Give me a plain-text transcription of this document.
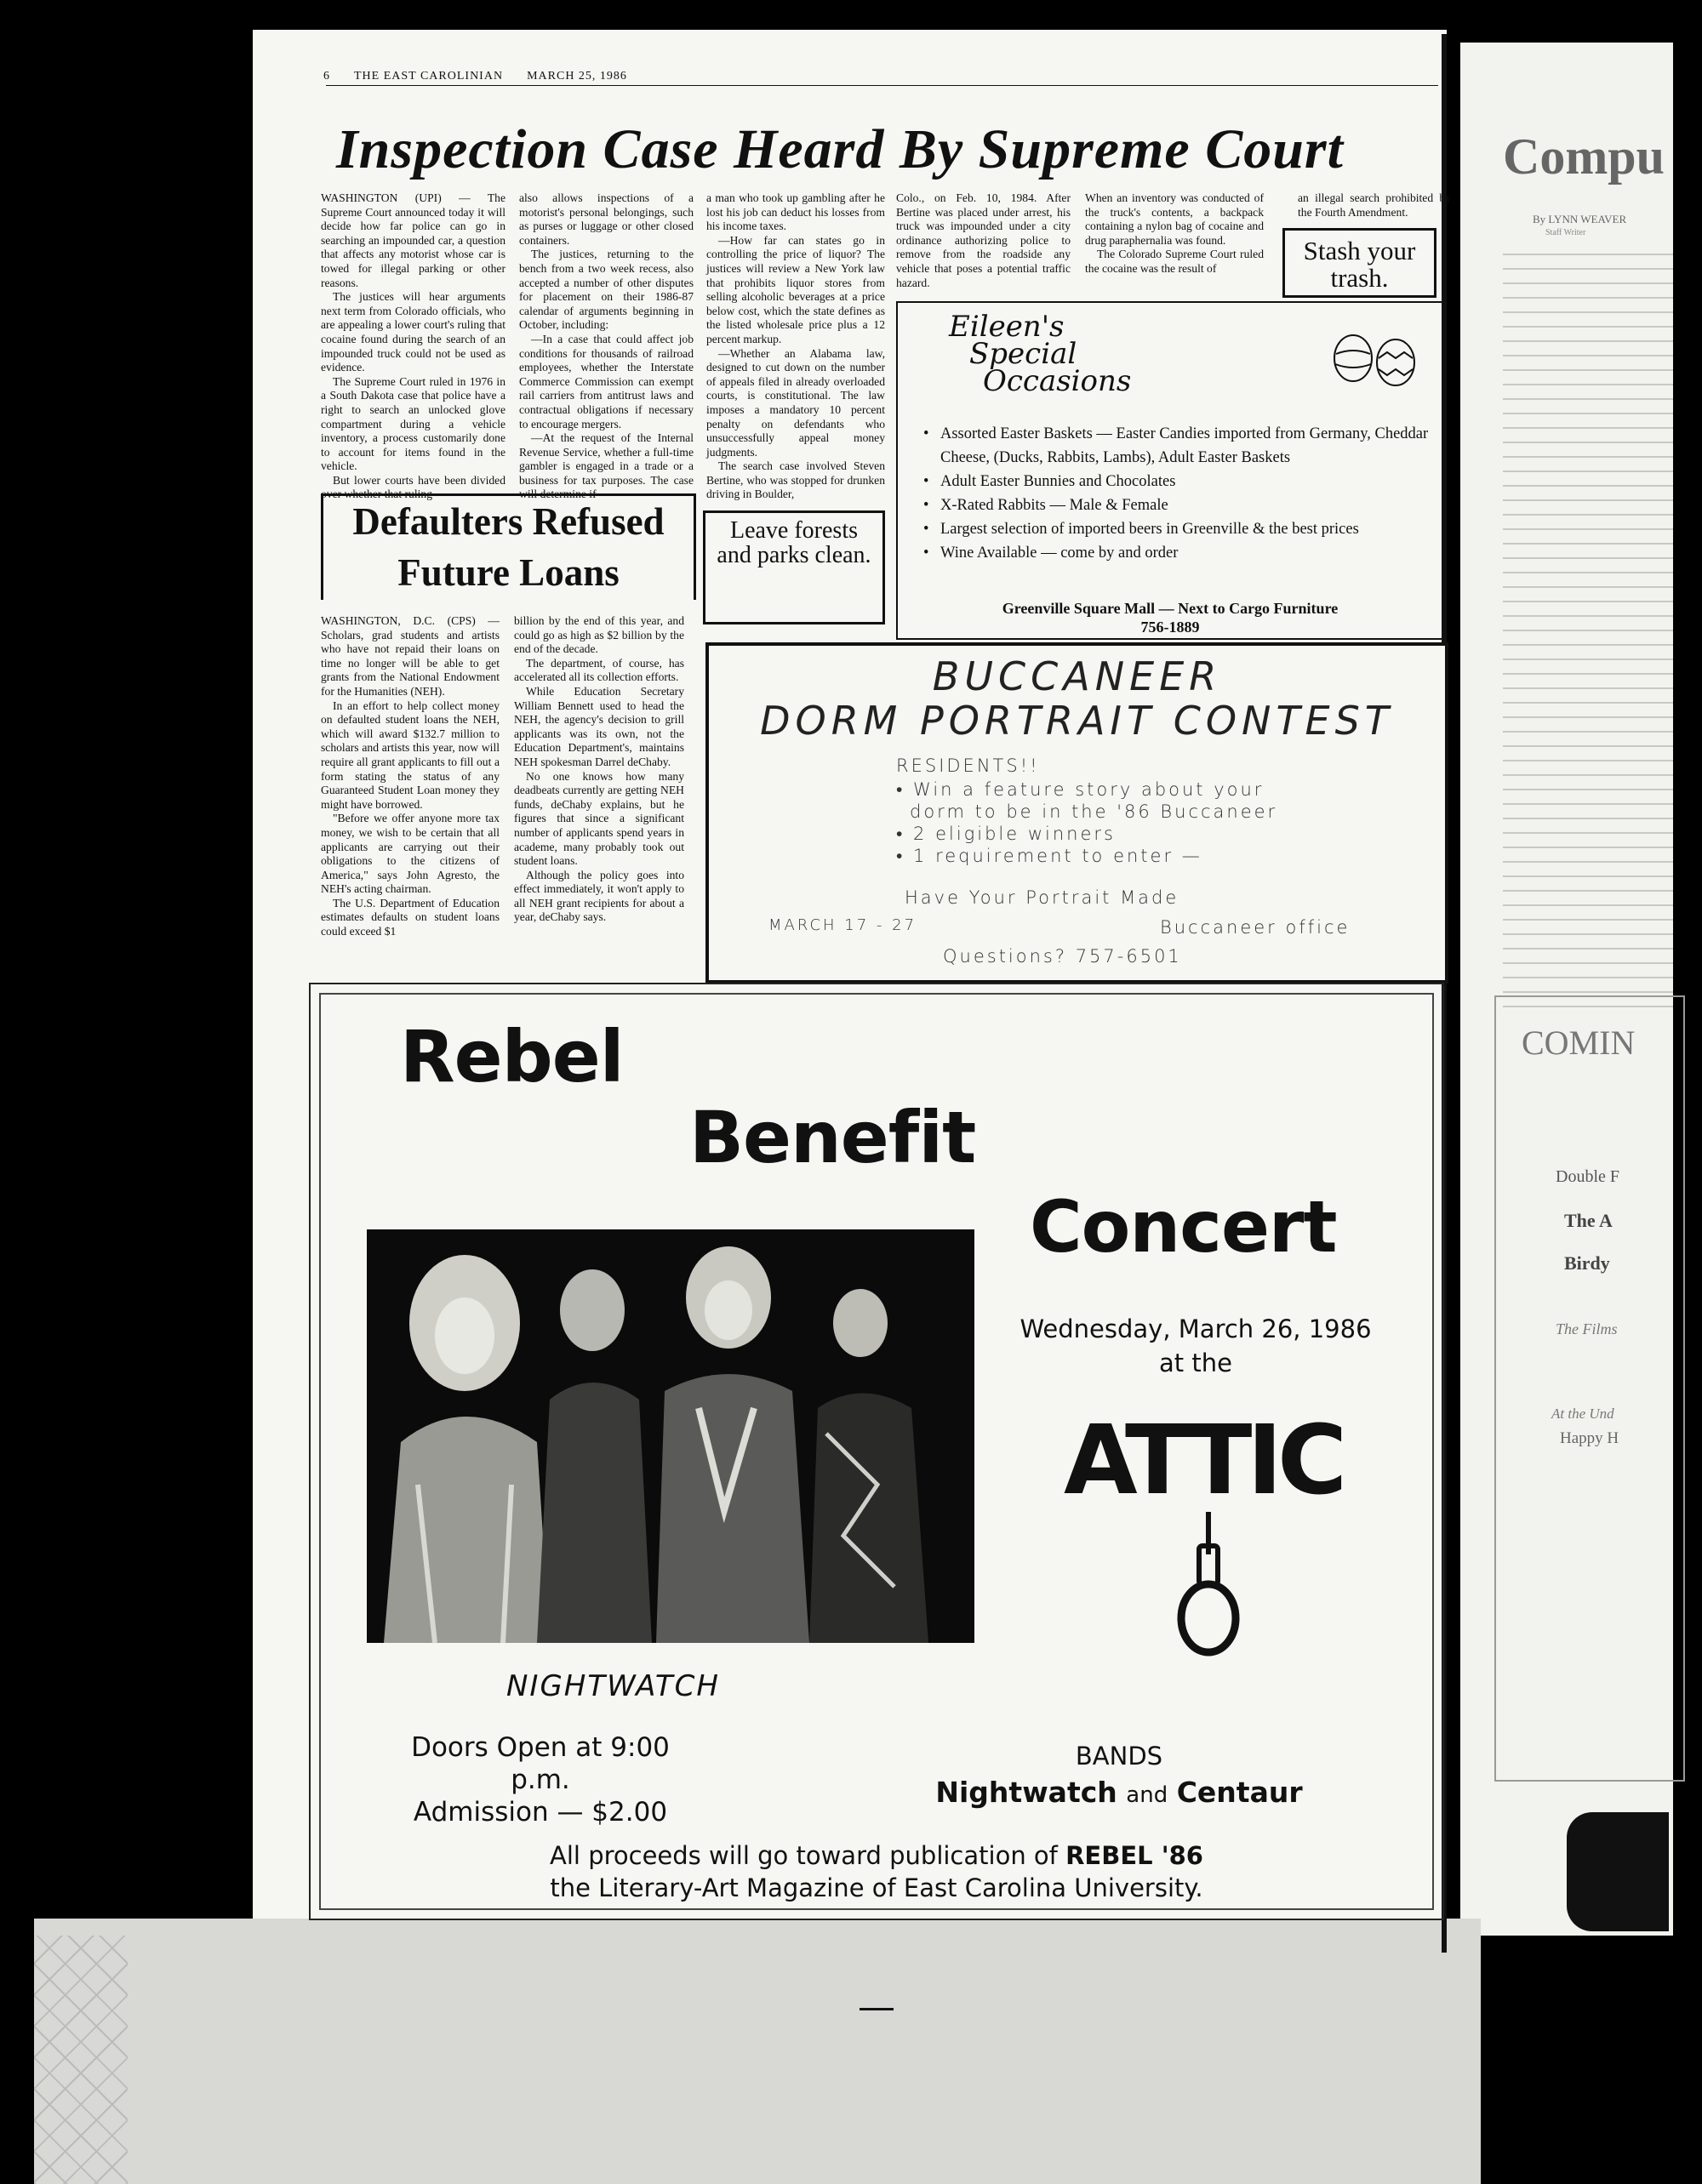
Compu
By LYNN WEAVER
Staff Writer
COMIN
Double F
The A
Birdy
The Films
At the Und
Happy H
6 THE EAST CAROLINIAN MARCH 25, 1986
Inspection Case Heard By Supreme Court

WASHINGTON (UPI) — The Supreme Court announced today it will decide how far police can go in searching an impounded car, a question that affects any motorist whose car is towed for illegal parking or other reasons.

The justices will hear arguments next term from Colorado officials, who are appealing a lower court's ruling that cocaine found during the search of an impounded truck could not be used as evidence.

The Supreme Court ruled in 1976 in a South Dakota case that police have a right to search an unlocked glove compartment during a vehicle inventory, a process customarily done to account for items found in the vehicle.

But lower courts have been divided over whether that ruling

also allows inspections of a motorist's personal belongings, such as purses or luggage or other closed containers.

The justices, returning to the bench from a two week recess, also accepted a number of other disputes for placement on their 1986-87 calendar of arguments beginning in October, including:

—In a case that could affect job conditions for thousands of railroad employees, whether the Interstate Commerce Commission can exempt rail carriers from antitrust laws and contractual obligations if necessary to encourage mergers.

—At the request of the Internal Revenue Service, whether a full-time gambler is engaged in a trade or a business for tax purposes. The case will determine if

a man who took up gambling after he lost his job can deduct his losses from his income taxes.

—How far can states go in controlling the price of liquor? The justices will review a New York law that prohibits liquor stores from selling alcoholic beverages at a price below cost, which the state defines as the listed wholesale price plus a 12 percent markup.

—Whether an Alabama law, designed to cut down on the number of appeals filed in already overloaded courts, is constitutional. The law imposes a mandatory 10 percent penalty on defendants who unsuccessfully appeal money judgments.

The search case involved Steven Bertine, who was stopped for drunken driving in Boulder,

Colo., on Feb. 10, 1984. After Bertine was placed under arrest, his truck was impounded under a city ordinance authorizing police to remove from the roadside any vehicle that poses a potential traffic hazard.

When an inventory was conducted of the truck's contents, a backpack containing a nylon bag of cocaine and drug paraphernalia was found.

The Colorado Supreme Court ruled the cocaine was the result of

an illegal search prohibited by the Fourth Amendment.

Stash your trash.
Defaulters Refused
Future Loans
Leave forests and parks clean.

WASHINGTON, D.C. (CPS) — Scholars, grad students and artists who have not repaid their loans on time no longer will be able to get grants from the National Endowment for the Humanities (NEH).

In an effort to help collect money on defaulted student loans the NEH, which will award $132.7 million to scholars and artists this year, now will require all grant applicants to fill out a form stating the status of any Guaranteed Student Loan money they might have borrowed.

"Before we offer anyone more tax money, we wish to be certain that all applicants are carrying out their obligations to the citizens of America," says John Agresto, the NEH's acting chairman.

The U.S. Department of Education estimates defaults on student loans could exceed $1

billion by the end of this year, and could go as high as $2 billion by the end of the decade.

The department, of course, has accelerated all its collection efforts.

While Education Secretary William Bennett used to head the NEH, the agency's decision to grill applicants was its own, not the Education Department's, maintains NEH spokesman Darrel deChaby.

No one knows how many deadbeats currently are getting NEH funds, deChaby explains, but he figures that since a significant number of applicants spend years in academe, many probably took out student loans.

Although the policy goes into effect immediately, it won't apply to all NEH grant recipients for about a year, deChaby says.

Eileen's
Special
Occasions
• Assorted Easter Baskets — Easter Candies imported from Germany, Cheddar Cheese, (Ducks, Rabbits, Lambs), Adult Easter Baskets
• Adult Easter Bunnies and Chocolates
• X-Rated Rabbits — Male & Female
• Largest selection of imported beers in Greenville & the best prices
• Wine Available — come by and order
Greenville Square Mall — Next to Cargo Furniture
756-1889
BUCCANEER
DORM PORTRAIT CONTEST
RESIDENTS!!
• Win a feature story about your
dorm to be in the '86 Buccaneer
• 2 eligible winners
• 1 requirement to enter —
Have Your Portrait Made
MARCH 17 - 27	Buccaneer office
Questions? 757-6501
Rebel
Benefit
Concert
NIGHTWATCH
Wednesday, March 26, 1986
at the
ATTIC
Doors Open at 9:00 p.m.
Admission — $2.00
BANDS
Nightwatch and Centaur
All proceeds will go toward publication of REBEL '86
the Literary-Art Magazine of East Carolina University.
